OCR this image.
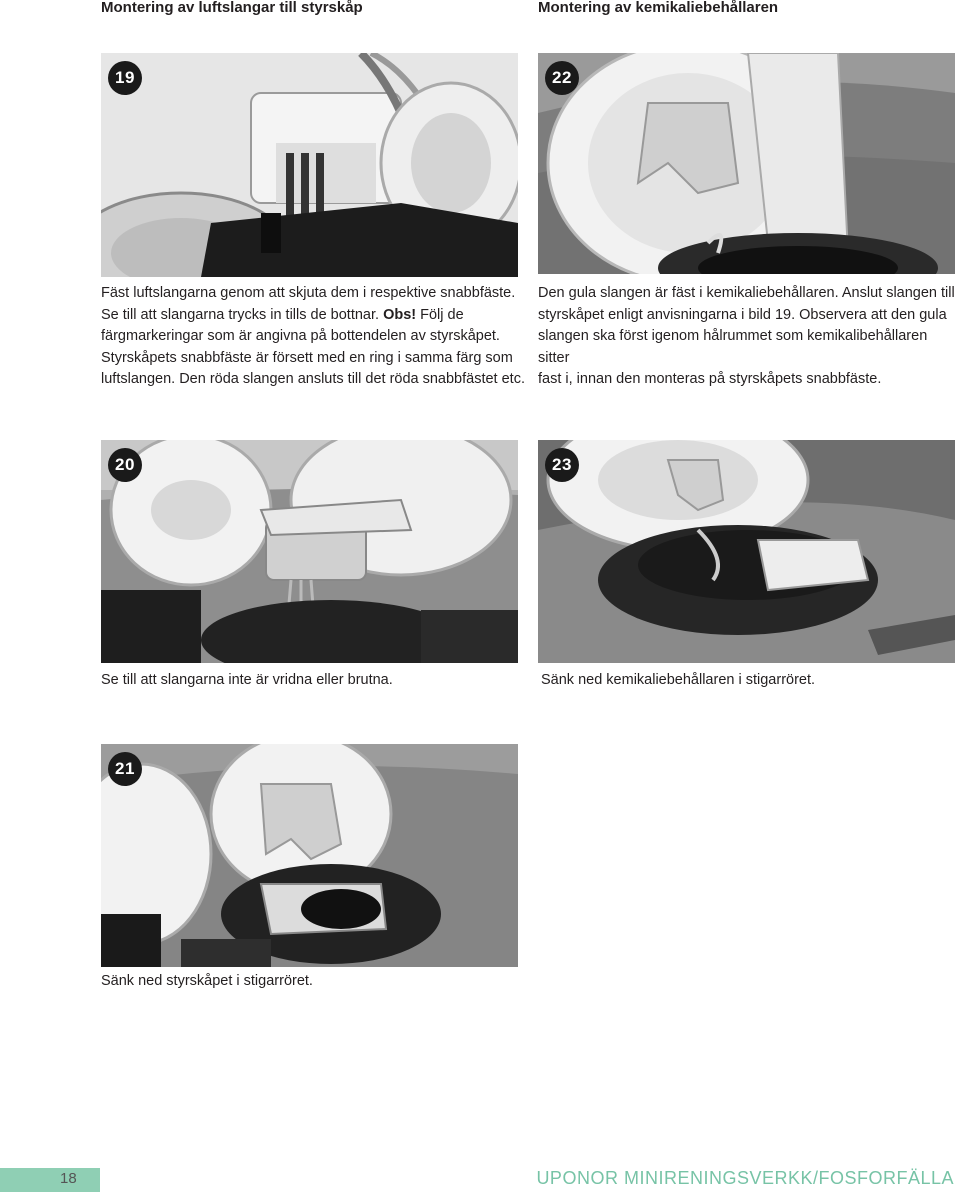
Montering av luftslangar till styrskåp	Montering av kemikaliebehållaren
19

Fäst luftslangarna genom att skjuta dem i respektive snabbfäste.

Se till att slangarna trycks in tills de bottnar. Obs! Följ de

färgmarkeringar som är angivna på bottendelen av styrskåpet.

Styrskåpets snabbfäste är försett med en ring i samma färg som

luftslangen. Den röda slangen ansluts till det röda snabbfästet etc.

22

Den gula slangen är fäst i kemikaliebehållaren. Anslut slangen till

styrskåpet enligt anvisningarna i bild 19. Observera att den gula

slangen ska först igenom hålrummet som kemikalibehållaren sitter

fast i, innan den monteras på styrskåpets snabbfäste.

20
Se till att slangarna inte är vridna eller brutna.
23
Sänk ned kemikaliebehållaren i stigarröret.
21
Sänk ned styrskåpet i stigarröret.
18	UPONOR MINIRENINGSVERKK/FOSFORFÄLLA
